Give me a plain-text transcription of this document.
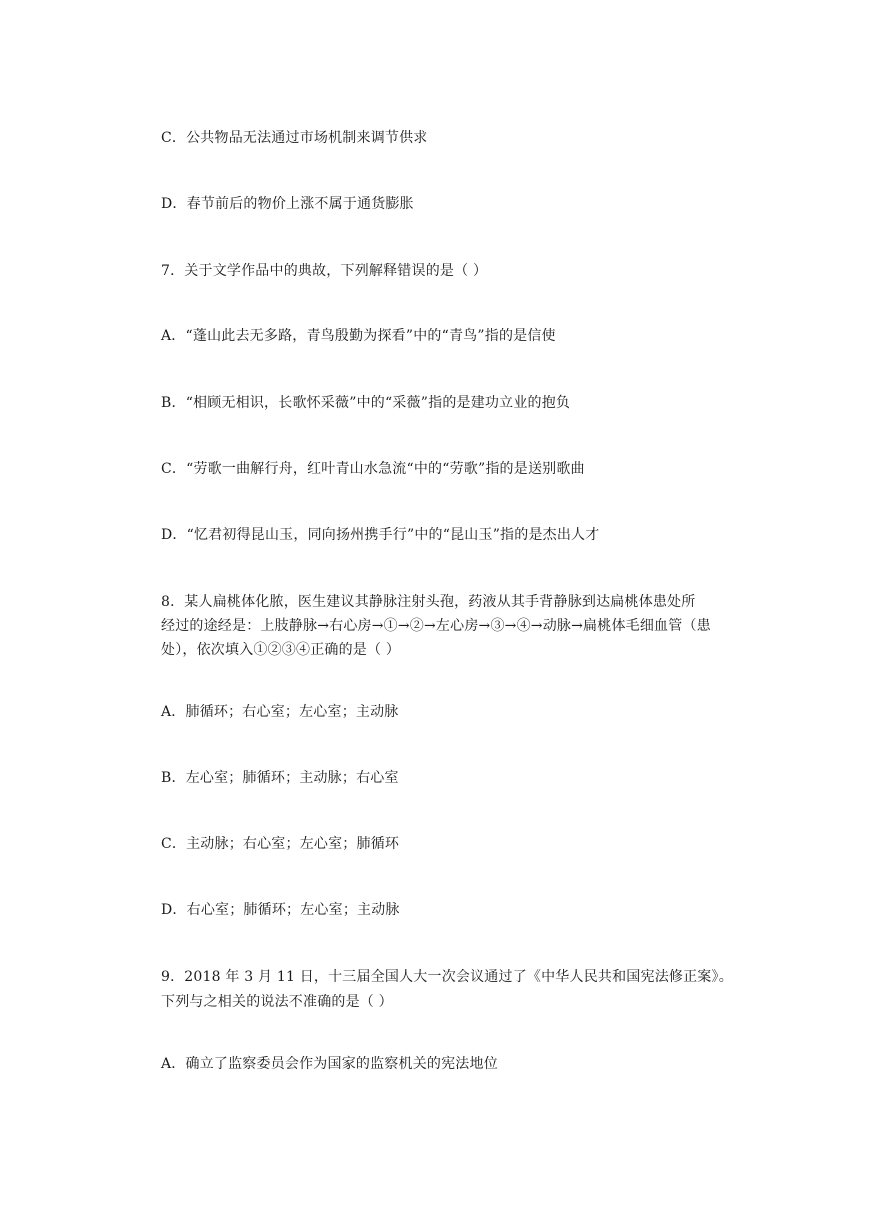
C．公共物品无法通过市场机制来调节供求
D．春节前后的物价上涨不属于通货膨胀
7．关于文学作品中的典故，下列解释错误的是（ ）
A．“蓬山此去无多路，青鸟殷勤为探看”中的“青鸟”指的是信使
B．“相顾无相识，长歌怀采薇”中的“采薇”指的是建功立业的抱负
C．“劳歌一曲解行舟，红叶青山水急流“中的“劳歌”指的是送别歌曲
D．“忆君初得昆山玉，同向扬州携手行”中的“昆山玉”指的是杰出人才
8．某人扁桃体化脓，医生建议其静脉注射头孢，药液从其手背静脉到达扁桃体患处所
经过的途经是：上肢静脉→右心房→①→②→左心房→③→④→动脉→扁桃体毛细血管（患
处），依次填入①②③④正确的是（ ）
A．肺循环；右心室；左心室；主动脉
B．左心室；肺循环；主动脉；右心室
C．主动脉；右心室；左心室；肺循环
D．右心室；肺循环；左心室；主动脉
9．2018 年 3 月 11 日，十三届全国人大一次会议通过了《中华人民共和国宪法修正案》。
下列与之相关的说法不准确的是（ ）
A．确立了监察委员会作为国家的监察机关的宪法地位
